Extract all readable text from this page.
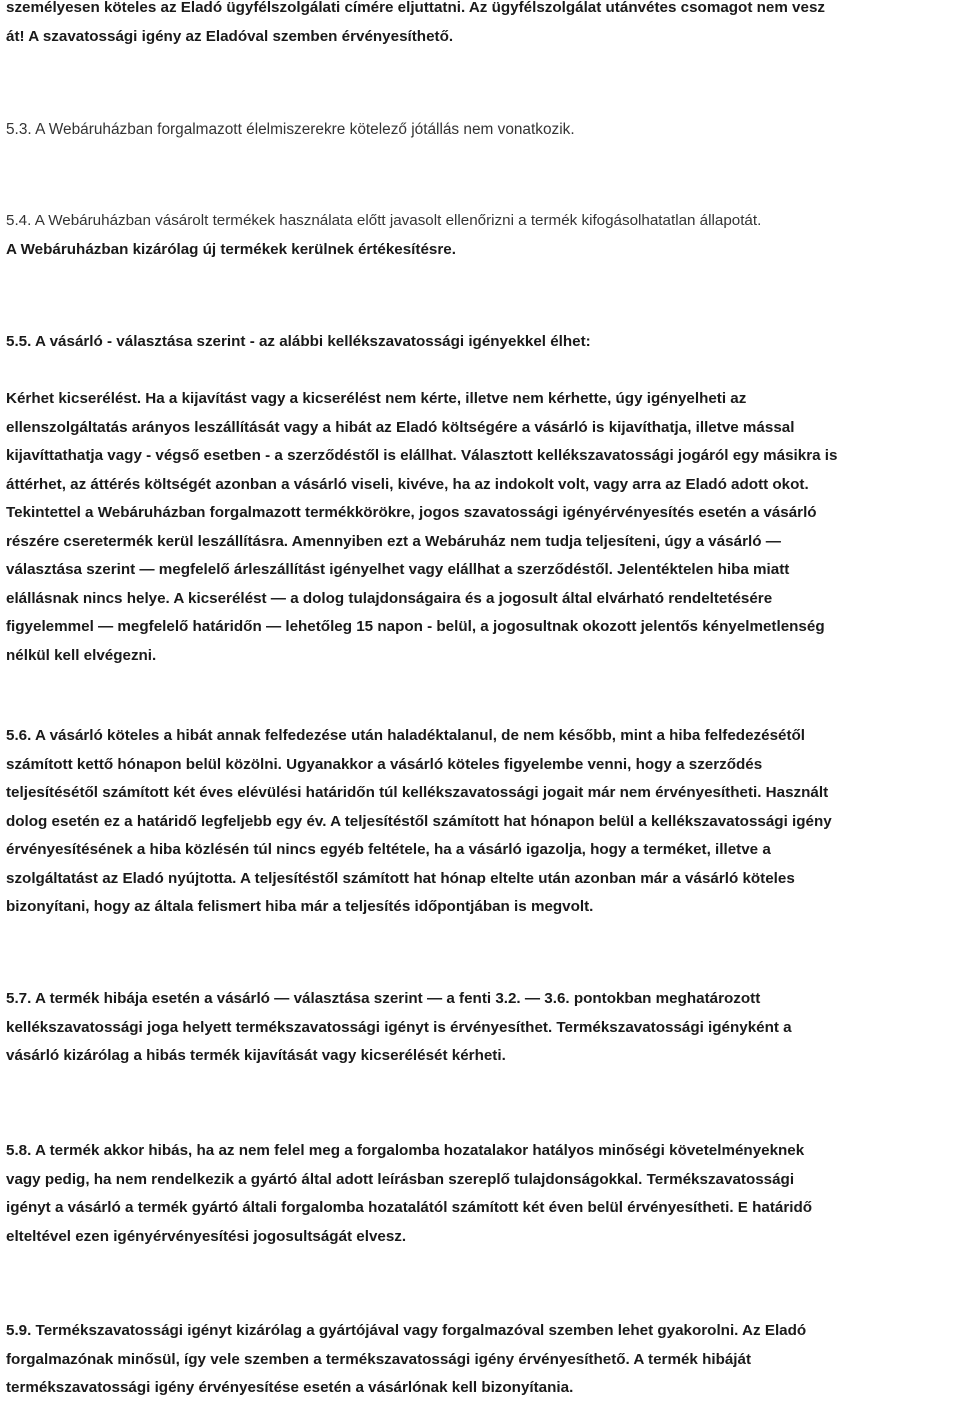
személyesen köteles az Eladó ügyfélszolgálati címére eljuttatni. Az ügyfélszolgálat utánvétes csomagot nem vesz
át! A szavatossági igény az Eladóval szemben érvényesíthető.
5.3. A Webáruházban forgalmazott élelmiszerekre kötelező jótállás nem vonatkozik.
5.4. A Webáruházban vásárolt termékek használata előtt javasolt ellenőrizni a termék kifogásolhatatlan állapotát.
A Webáruházban kizárólag új termékek kerülnek értékesítésre.
5.5. A vásárló - választása szerint - az alábbi kellékszavatossági igényekkel élhet:

Kérhet kicserélést. Ha a kijavítást vagy a kicserélést nem kérte, illetve nem kérhette, úgy igényelheti az
ellenszolgáltatás arányos leszállítását vagy a hibát az Eladó költségére a vásárló is kijavíthatja, illetve mással
kijavíttathatja vagy - végső esetben - a szerződéstől is elállhat. Választott kellékszavatossági jogáról egy másikra is
áttérhet, az áttérés költségét azonban a vásárló viseli, kivéve, ha az indokolt volt, vagy arra az Eladó adott okot.
Tekintettel a Webáruházban forgalmazott termékkörökre, jogos szavatossági igényérvényesítés esetén a vásárló
részére cseretermék kerül leszállításra. Amennyiben ezt a Webáruház nem tudja teljesíteni, úgy a vásárló —
választása szerint — megfelelő árleszállítást igényelhet vagy elállhat a szerződéstől. Jelentéktelen hiba miatt
elállásnak nincs helye. A kicserélést — a dolog tulajdonságaira és a jogosult által elvárható rendeltetésére
figyelemmel — megfelelő határidőn — lehetőleg 15 napon - belül, a jogosultnak okozott jelentős kényelmetlenség
nélkül kell elvégezni.
5.6. A vásárló köteles a hibát annak felfedezése után haladéktalanul, de nem később, mint a hiba felfedezésétől
számított kettő hónapon belül közölni. Ugyanakkor a vásárló köteles figyelembe venni, hogy a szerződés
teljesítésétől számított két éves elévülési határidőn túl kellékszavatossági jogait már nem érvényesítheti. Használt
dolog esetén ez a határidő legfeljebb egy év. A teljesítéstől számított hat hónapon belül a kellékszavatossági igény
érvényesítésének a hiba közlésén túl nincs egyéb feltétele, ha a vásárló igazolja, hogy a terméket, illetve a
szolgáltatást az Eladó nyújtotta. A teljesítéstől számított hat hónap eltelte után azonban már a vásárló köteles
bizonyítani, hogy az általa felismert hiba már a teljesítés időpontjában is megvolt.
5.7. A termék hibája esetén a vásárló — választása szerint — a fenti 3.2. — 3.6. pontokban meghatározott
kellékszavatossági joga helyett termékszavatossági igényt is érvényesíthet. Termékszavatossági igényként a
vásárló kizárólag a hibás termék kijavítását vagy kicserélését kérheti.
5.8. A termék akkor hibás, ha az nem felel meg a forgalomba hozatalakor hatályos minőségi követelményeknek
vagy pedig, ha nem rendelkezik a gyártó által adott leírásban szereplő tulajdonságokkal. Termékszavatossági
igényt a vásárló a termék gyártó általi forgalomba hozatalától számított két éven belül érvényesítheti. E határidő
elteltével ezen igényérvényesítési jogosultságát elvesz.
5.9. Termékszavatossági igényt kizárólag a gyártójával vagy forgalmazóval szemben lehet gyakorolni. Az Eladó
forgalmazónak minősül, így vele szemben a termékszavatossági igény érvényesíthető. A termék hibáját
termékszavatossági igény érvényesítése esetén a vásárlónak kell bizonyítania.
